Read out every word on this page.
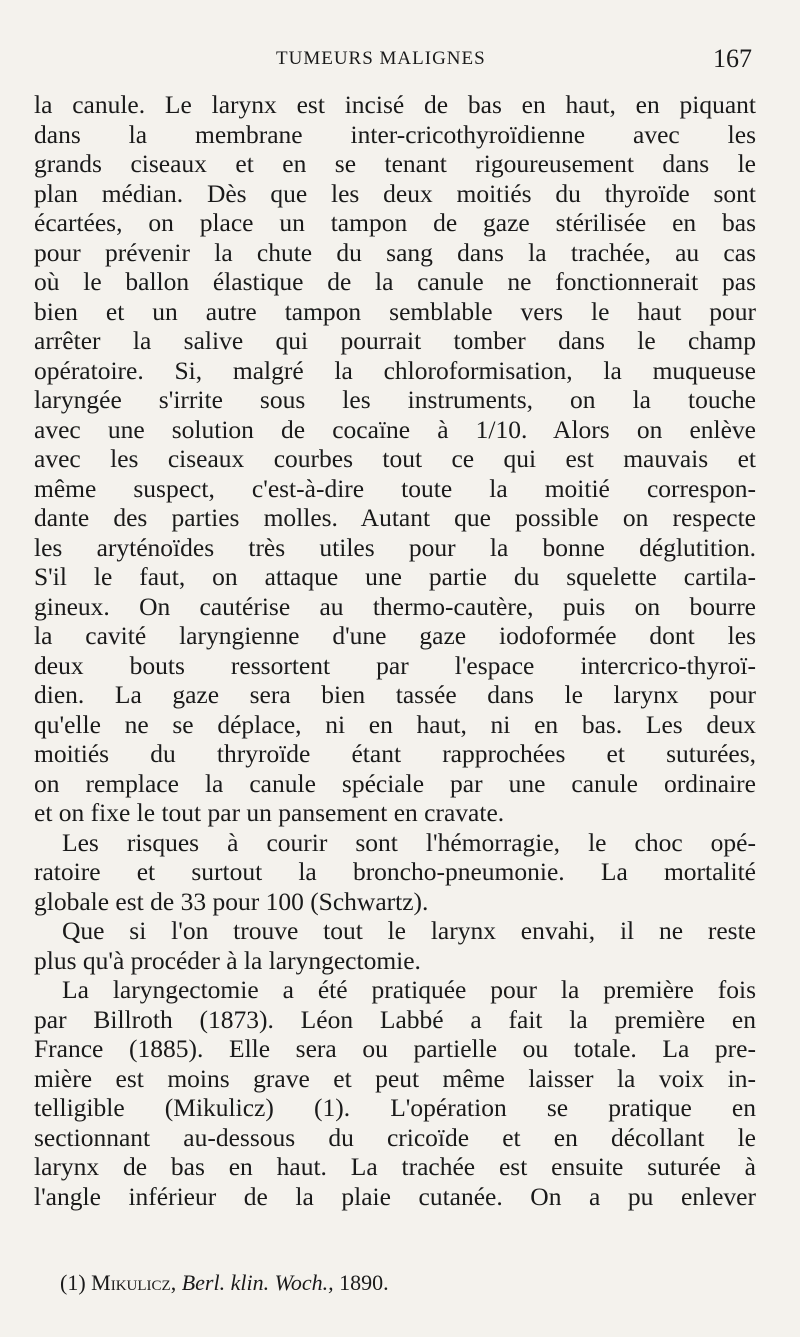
TUMEURS MALIGNES	167
la canule. Le larynx est incisé de bas en haut, en piquant
dans la membrane inter-cricothyroïdienne avec les
grands ciseaux et en se tenant rigoureusement dans le
plan médian. Dès que les deux moitiés du thyroïde sont
écartées, on place un tampon de gaze stérilisée en bas
pour prévenir la chute du sang dans la trachée, au cas
où le ballon élastique de la canule ne fonctionnerait pas
bien et un autre tampon semblable vers le haut pour
arrêter la salive qui pourrait tomber dans le champ
opératoire. Si, malgré la chloroformisation, la muqueuse
laryngée s'irrite sous les instruments, on la touche
avec une solution de cocaïne à 1/10. Alors on enlève
avec les ciseaux courbes tout ce qui est mauvais et
même suspect, c'est-à-dire toute la moitié correspon-
dante des parties molles. Autant que possible on respecte
les aryténoïdes très utiles pour la bonne déglutition.
S'il le faut, on attaque une partie du squelette cartila-
gineux. On cautérise au thermo-cautère, puis on bourre
la cavité laryngienne d'une gaze iodoformée dont les
deux bouts ressortent par l'espace intercrico-thyroï-
dien. La gaze sera bien tassée dans le larynx pour
qu'elle ne se déplace, ni en haut, ni en bas. Les deux
moitiés du thryroïde étant rapprochées et suturées,
on remplace la canule spéciale par une canule ordinaire
et on fixe le tout par un pansement en cravate.
Les risques à courir sont l'hémorragie, le choc opé-
ratoire et surtout la broncho-pneumonie. La mortalité
globale est de 33 pour 100 (Schwartz).
Que si l'on trouve tout le larynx envahi, il ne reste
plus qu'à procéder à la laryngectomie.
La laryngectomie a été pratiquée pour la première fois
par Billroth (1873). Léon Labbé a fait la première en
France (1885). Elle sera ou partielle ou totale. La pre-
mière est moins grave et peut même laisser la voix in-
telligible (Mikulicz) (1). L'opération se pratique en
sectionnant au-dessous du cricoïde et en décollant le
larynx de bas en haut. La trachée est ensuite suturée à
l'angle inférieur de la plaie cutanée. On a pu enlever
(1) Mikulicz, Berl. klin. Woch., 1890.
